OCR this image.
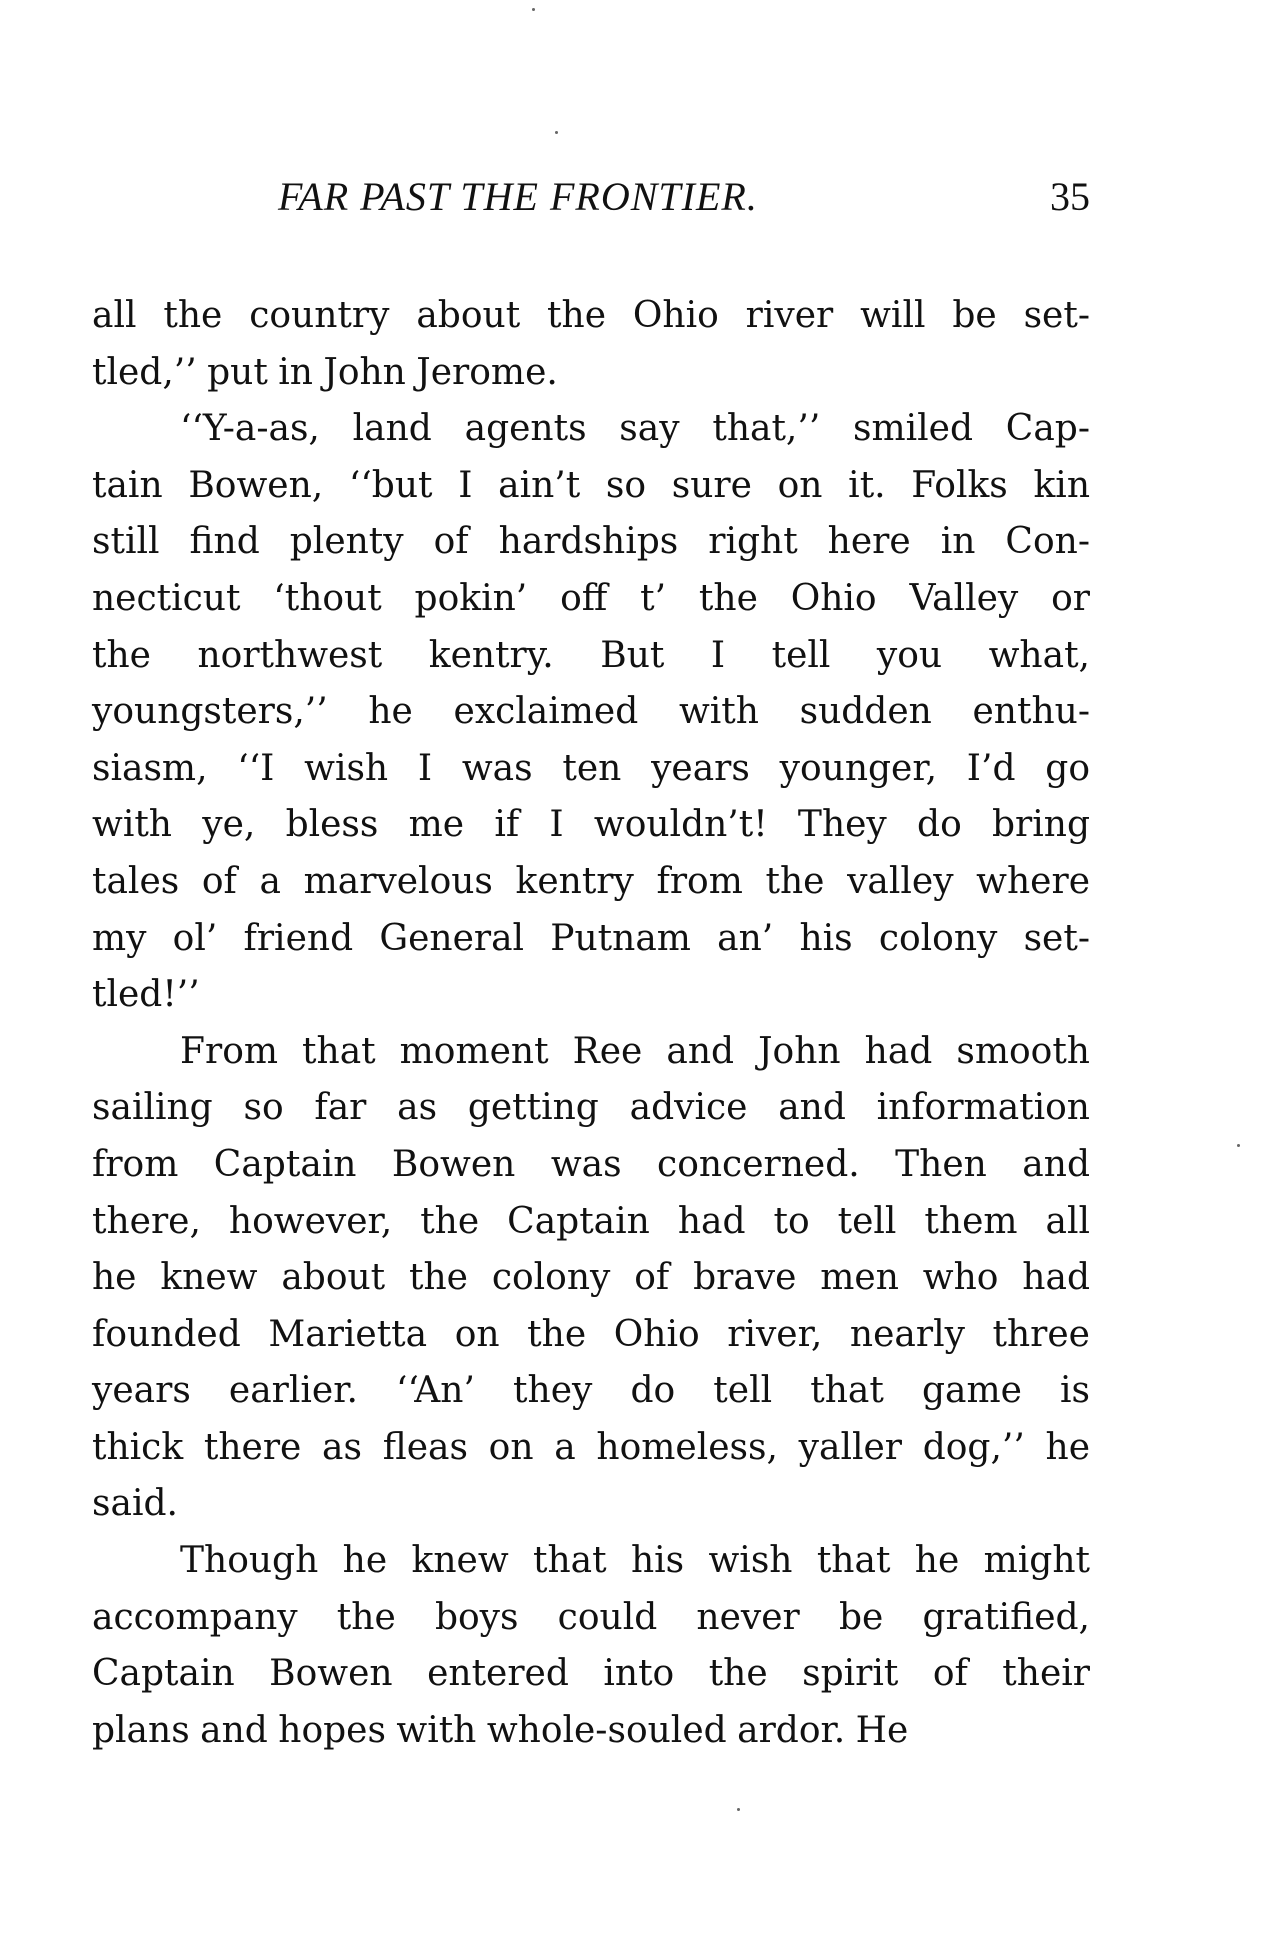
FAR PAST THE FRONTIER.	35

all the country about the Ohio river will be set-
tled,’’ put in John Jerome.

‘‘Y-a-as, land agents say that,’’ smiled Cap-
tain Bowen, ‘‘but I ain’t so sure on it. Folks kin
still find plenty of hardships right here in Con-
necticut ‘thout pokin’ off t’ the Ohio Valley or
the northwest kentry. But I tell you what,
youngsters,’’ he exclaimed with sudden enthu-
siasm, ‘‘I wish I was ten years younger, I’d go
with ye, bless me if I wouldn’t! They do bring
tales of a marvelous kentry from the valley where
my ol’ friend General Putnam an’ his colony set-
tled!’’

From that moment Ree and John had smooth
sailing so far as getting advice and information
from Captain Bowen was concerned. Then and
there, however, the Captain had to tell them all
he knew about the colony of brave men who had
founded Marietta on the Ohio river, nearly three
years earlier. ‘‘An’ they do tell that game is
thick there as fleas on a homeless, yaller dog,’’ he
said.

Though he knew that his wish that he might
accompany the boys could never be gratified,
Captain Bowen entered into the spirit of their
plans and hopes with whole-souled ardor. He
